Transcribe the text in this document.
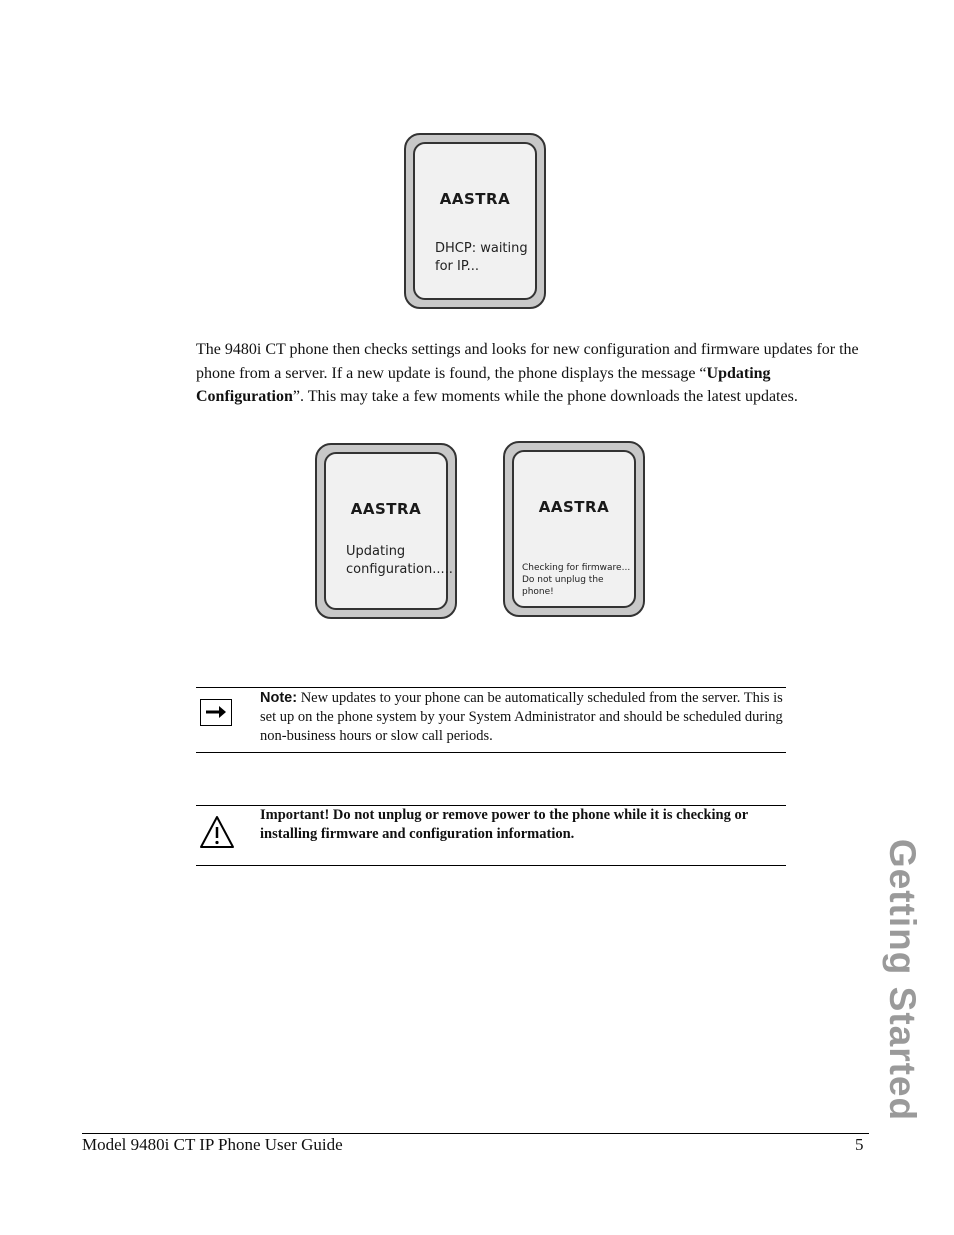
AASTRA
DHCP: waiting
for IP...

The 9480i CT phone then checks settings and looks for new configuration and firmware updates for the phone from a server. If a new update is found, the phone displays the message “Updating Configuration”. This may take a few moments while the phone downloads the latest updates.

AASTRA
Updating
configuration.....
AASTRA
Checking for firmware...
Do not unplug the phone!
Note: New updates to your phone can be automatically scheduled from the server. This is set up on the phone system by your System Administrator and should be scheduled during non-business hours or slow call periods.
Important! Do not unplug or remove power to the phone while it is checking or installing firmware and configuration information.
Getting Started
Model 9480i CT IP Phone User Guide	5
